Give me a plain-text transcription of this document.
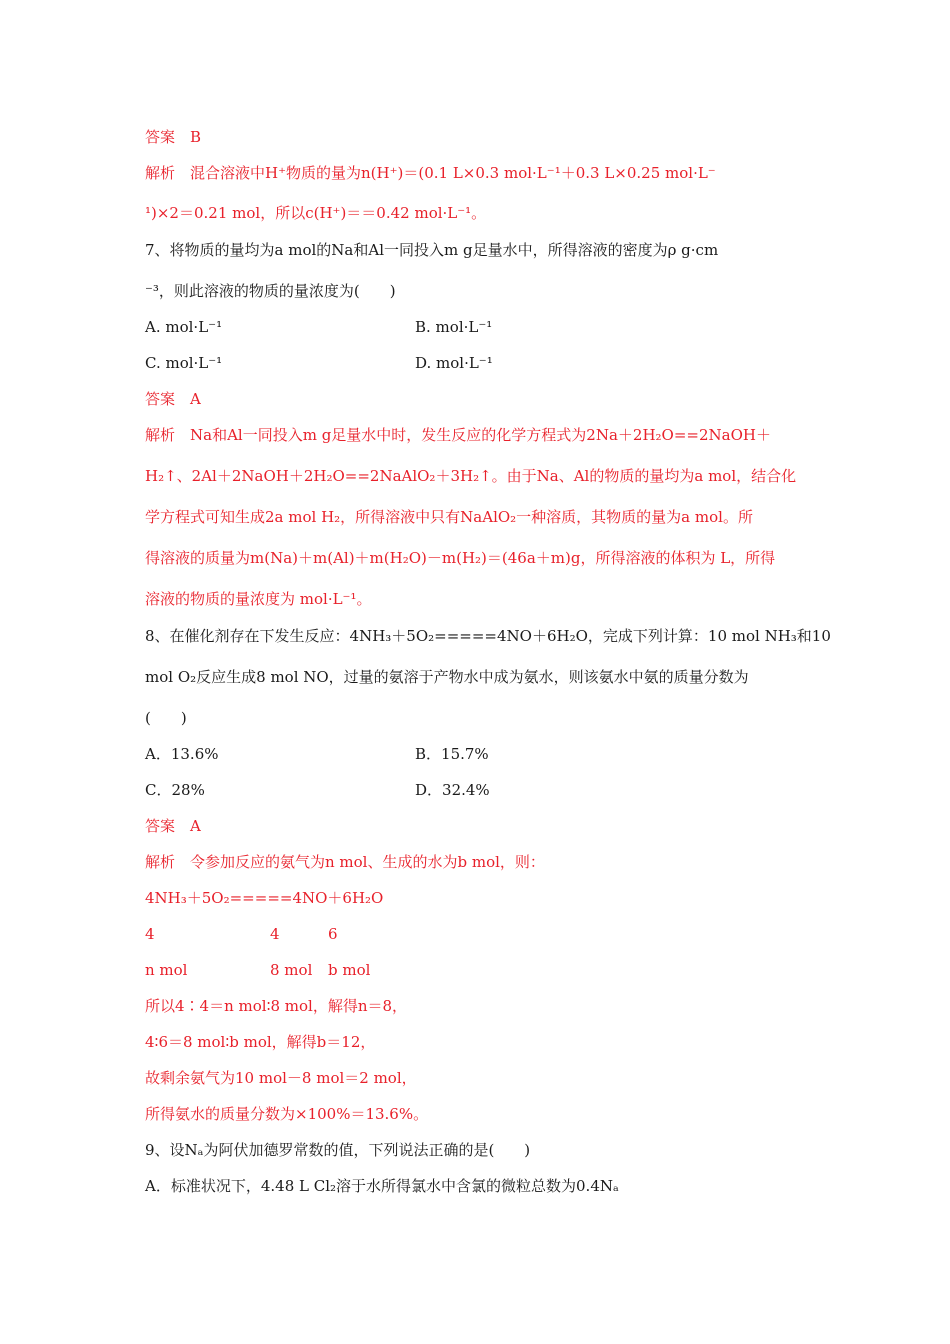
答案　B
解析　混合溶液中H⁺物质的量为n(H⁺)＝(0.1 L×0.3 mol·L⁻¹＋0.3 L×0.25 mol·L⁻
¹)×2＝0.21 mol，所以c(H⁺)＝＝0.42 mol·L⁻¹。
7、将物质的量均为a mol的Na和Al一同投入m g足量水中，所得溶液的密度为ρ g·cm
⁻³，则此溶液的物质的量浓度为(　　)
A. mol·L⁻¹	B. mol·L⁻¹
C. mol·L⁻¹	D. mol·L⁻¹
答案　A
解析　Na和Al一同投入m g足量水中时，发生反应的化学方程式为2Na＋2H₂O==2NaOH＋
H₂↑、2Al＋2NaOH＋2H₂O==2NaAlO₂＋3H₂↑。由于Na、Al的物质的量均为a mol，结合化
学方程式可知生成2a mol H₂，所得溶液中只有NaAlO₂一种溶质，其物质的量为a mol。所
得溶液的质量为m(Na)＋m(Al)＋m(H₂O)－m(H₂)＝(46a＋m)g，所得溶液的体积为 L，所得
溶液的物质的量浓度为 mol·L⁻¹。
8、在催化剂存在下发生反应：4NH₃＋5O₂=====4NO＋6H₂O，完成下列计算：10 mol NH₃和10
mol O₂反应生成8 mol NO，过量的氨溶于产物水中成为氨水，则该氨水中氨的质量分数为
(　　)
A．13.6%	B．15.7%
C．28%	D．32.4%
答案　A
解析　令参加反应的氨气为n mol、生成的水为b mol，则：
4NH₃＋5O₂=====4NO＋6H₂O
4	4	6
n mol	8 mol b mol
所以4∶4＝n mol∶8 mol，解得n＝8，
4∶6＝8 mol∶b mol，解得b＝12，
故剩余氨气为10 mol－8 mol＝2 mol，
所得氨水的质量分数为×100%＝13.6%。
9、设Nₐ为阿伏加德罗常数的值，下列说法正确的是(　　)
A．标准状况下，4.48 L Cl₂溶于水所得氯水中含氯的微粒总数为0.4Nₐ
